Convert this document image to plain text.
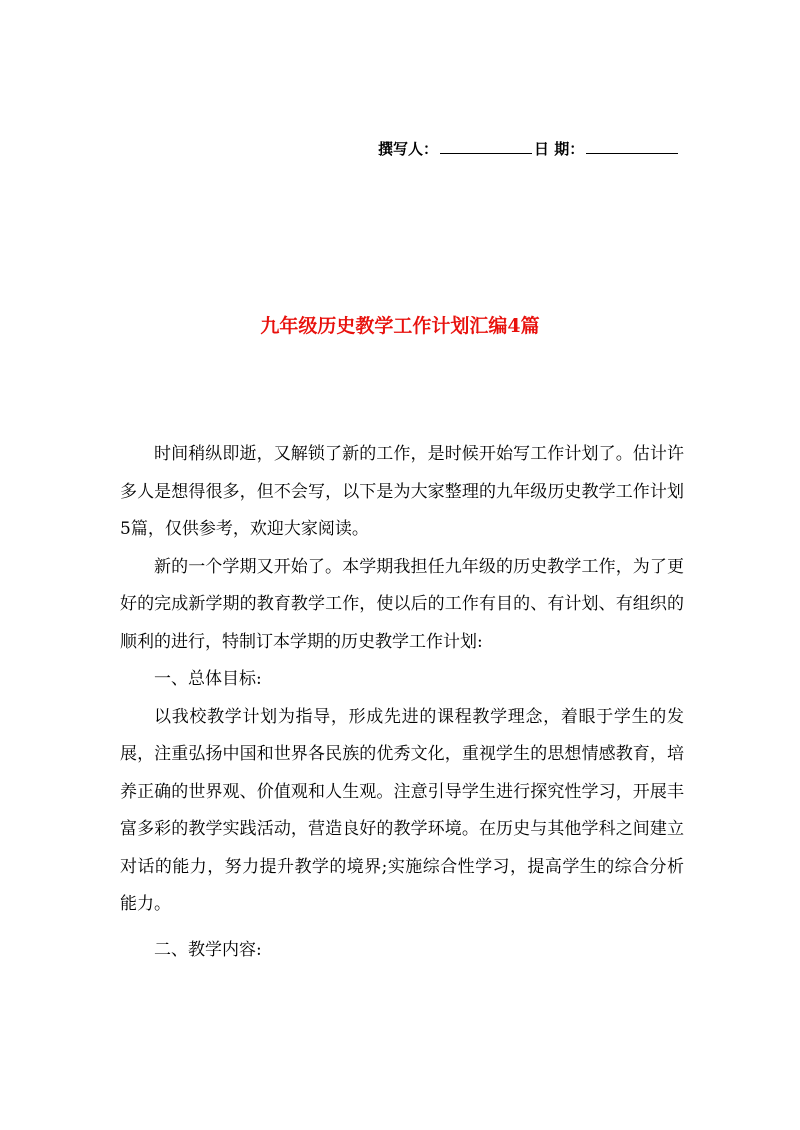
撰写人：	日 期：
九年级历史教学工作计划汇编4篇

时间稍纵即逝，又解锁了新的工作，是时候开始写工作计划了。估计许多人是想得很多，但不会写，以下是为大家整理的九年级历史教学工作计划5篇，仅供参考，欢迎大家阅读。

新的一个学期又开始了。本学期我担任九年级的历史教学工作，为了更好的完成新学期的教育教学工作，使以后的工作有目的、有计划、有组织的顺利的进行，特制订本学期的历史教学工作计划:

一、总体目标:

以我校教学计划为指导，形成先进的课程教学理念，着眼于学生的发展，注重弘扬中国和世界各民族的优秀文化，重视学生的思想情感教育，培养正确的世界观、价值观和人生观。注意引导学生进行探究性学习，开展丰富多彩的教学实践活动，营造良好的教学环境。在历史与其他学科之间建立对话的能力，努力提升教学的境界;实施综合性学习，提高学生的综合分析能力。

二、教学内容:
